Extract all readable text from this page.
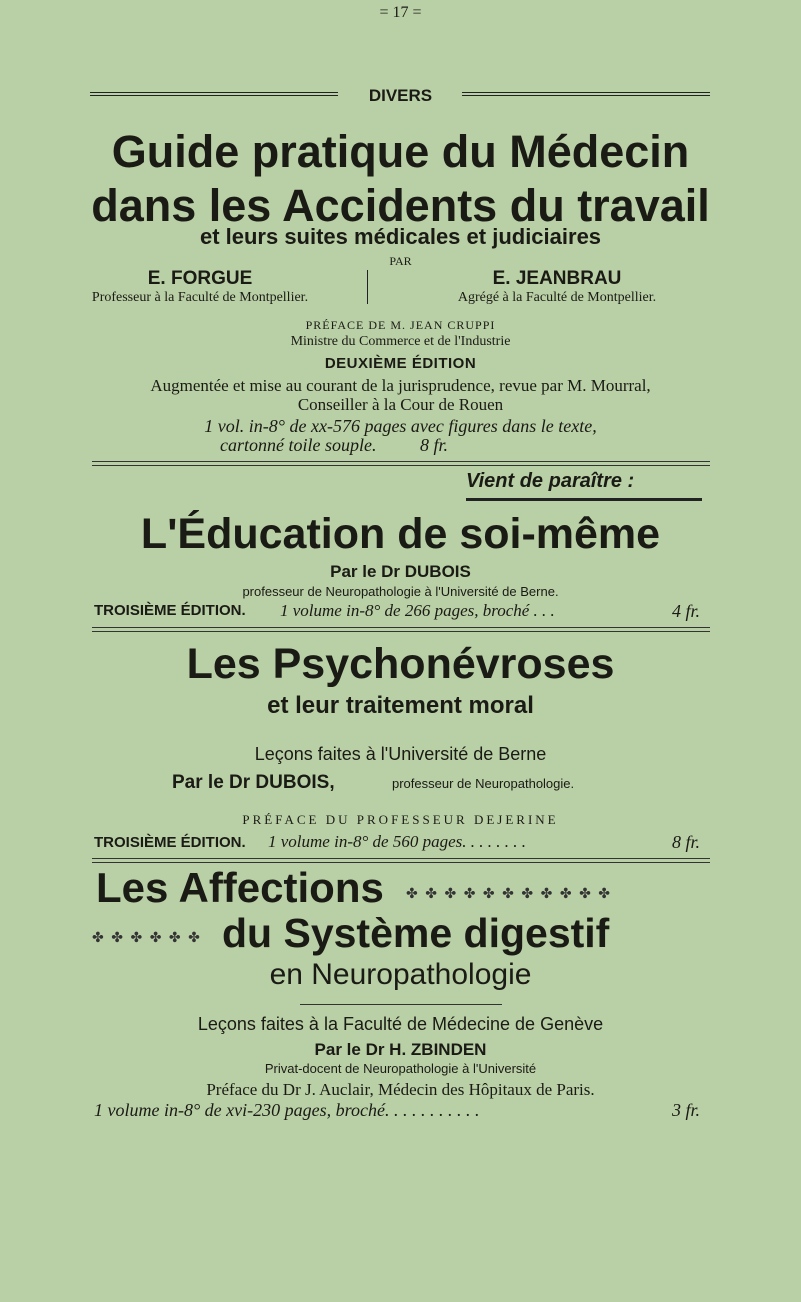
= 17 =
DIVERS
Guide pratique du Médecin
dans les Accidents du travail
et leurs suites médicales et judiciaires
PAR
E. FORGUE
Professeur à la Faculté de Montpellier.
E. JEANBRAU
Agrégé à la Faculté de Montpellier.
PRÉFACE DE M. JEAN CRUPPI
Ministre du Commerce et de l'Industrie
DEUXIÈME ÉDITION
Augmentée et mise au courant de la jurisprudence, revue par M. Mourral,
Conseiller à la Cour de Rouen
1 vol. in-8° de xx-576 pages avec figures dans le texte,
cartonné toile souple. 8 fr.
Vient de paraître :
L'Éducation de soi-même
Par le Dr DUBOIS
professeur de Neuropathologie à l'Université de Berne.
TROISIÈME ÉDITION. 1 volume in-8° de 266 pages, broché . . .	4 fr.
Les Psychonévroses
et leur traitement moral
Leçons faites à l'Université de Berne
Par le Dr DUBOIS,	professeur de Neuropathologie.
PRÉFACE DU PROFESSEUR DEJERINE
TROISIÈME ÉDITION. 1 volume in-8° de 560 pages. . . . . . . .	8 fr.
Les Affections ✤ ✤ ✤ ✤ ✤ ✤ ✤ ✤ ✤ ✤ ✤
✤ ✤ ✤ ✤ ✤ ✤ du Système digestif
en Neuropathologie
Leçons faites à la Faculté de Médecine de Genève
Par le Dr H. ZBINDEN
Privat-docent de Neuropathologie à l'Université
Préface du Dr J. Auclair, Médecin des Hôpitaux de Paris.
1 volume in-8° de xvi-230 pages, broché. . . . . . . . . . .	3 fr.
